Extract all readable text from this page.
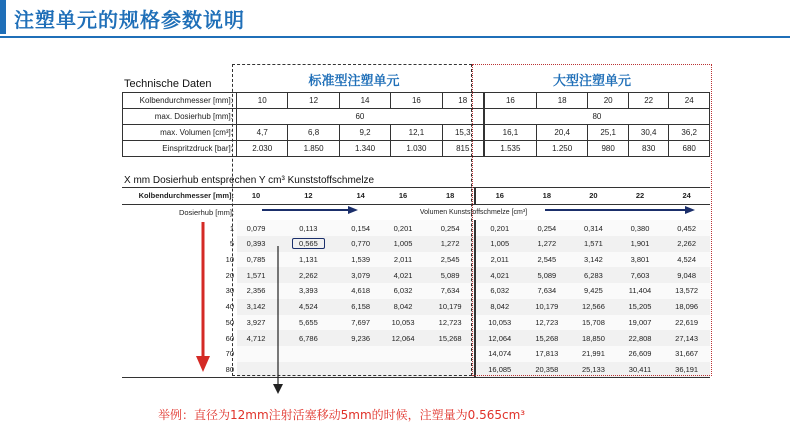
注塑单元的规格参数说明
Technische Daten	标准型注塑单元	大型注塑单元
Kolbendurchmesser [mm]:	10	12	14	16	18	16	18	20	22	24
max. Dosierhub [mm]:	60					80				
max. Volumen [cm³]:	4,7	6,8	9,2	12,1	15,3	16,1	20,4	25,1	30,4	36,2
Einspritzdruck [bar]:	2.030	1.850	1.340	1.030	815	1.535	1.250	980	830	680
X mm Dosierhub entsprechen Y cm³ Kunststoffschmelze
Kolbendurchmesser [mm]:	10	12	14	16	18	16	18	20	22	24
Dosierhub [mm]:	Volumen Kunststoffschmelze [cm³]									
1	0,079	0,113	0,154	0,201	0,254	0,201	0,254	0,314	0,380	0,452
5	0,393	0,565	0,770	1,005	1,272	1,005	1,272	1,571	1,901	2,262
10	0,785	1,131	1,539	2,011	2,545	2,011	2,545	3,142	3,801	4,524
20	1,571	2,262	3,079	4,021	5,089	4,021	5,089	6,283	7,603	9,048
30	2,356	3,393	4,618	6,032	7,634	6,032	7,634	9,425	11,404	13,572
40	3,142	4,524	6,158	8,042	10,179	8,042	10,179	12,566	15,205	18,096
50	3,927	5,655	7,697	10,053	12,723	10,053	12,723	15,708	19,007	22,619
60	4,712	6,786	9,236	12,064	15,268	12,064	15,268	18,850	22,808	27,143
70						14,074	17,813	21,991	26,609	31,667
80						16,085	20,358	25,133	30,411	36,191
举例：直径为12mm注射活塞移动5mm的时候，注塑量为0.565cm³
